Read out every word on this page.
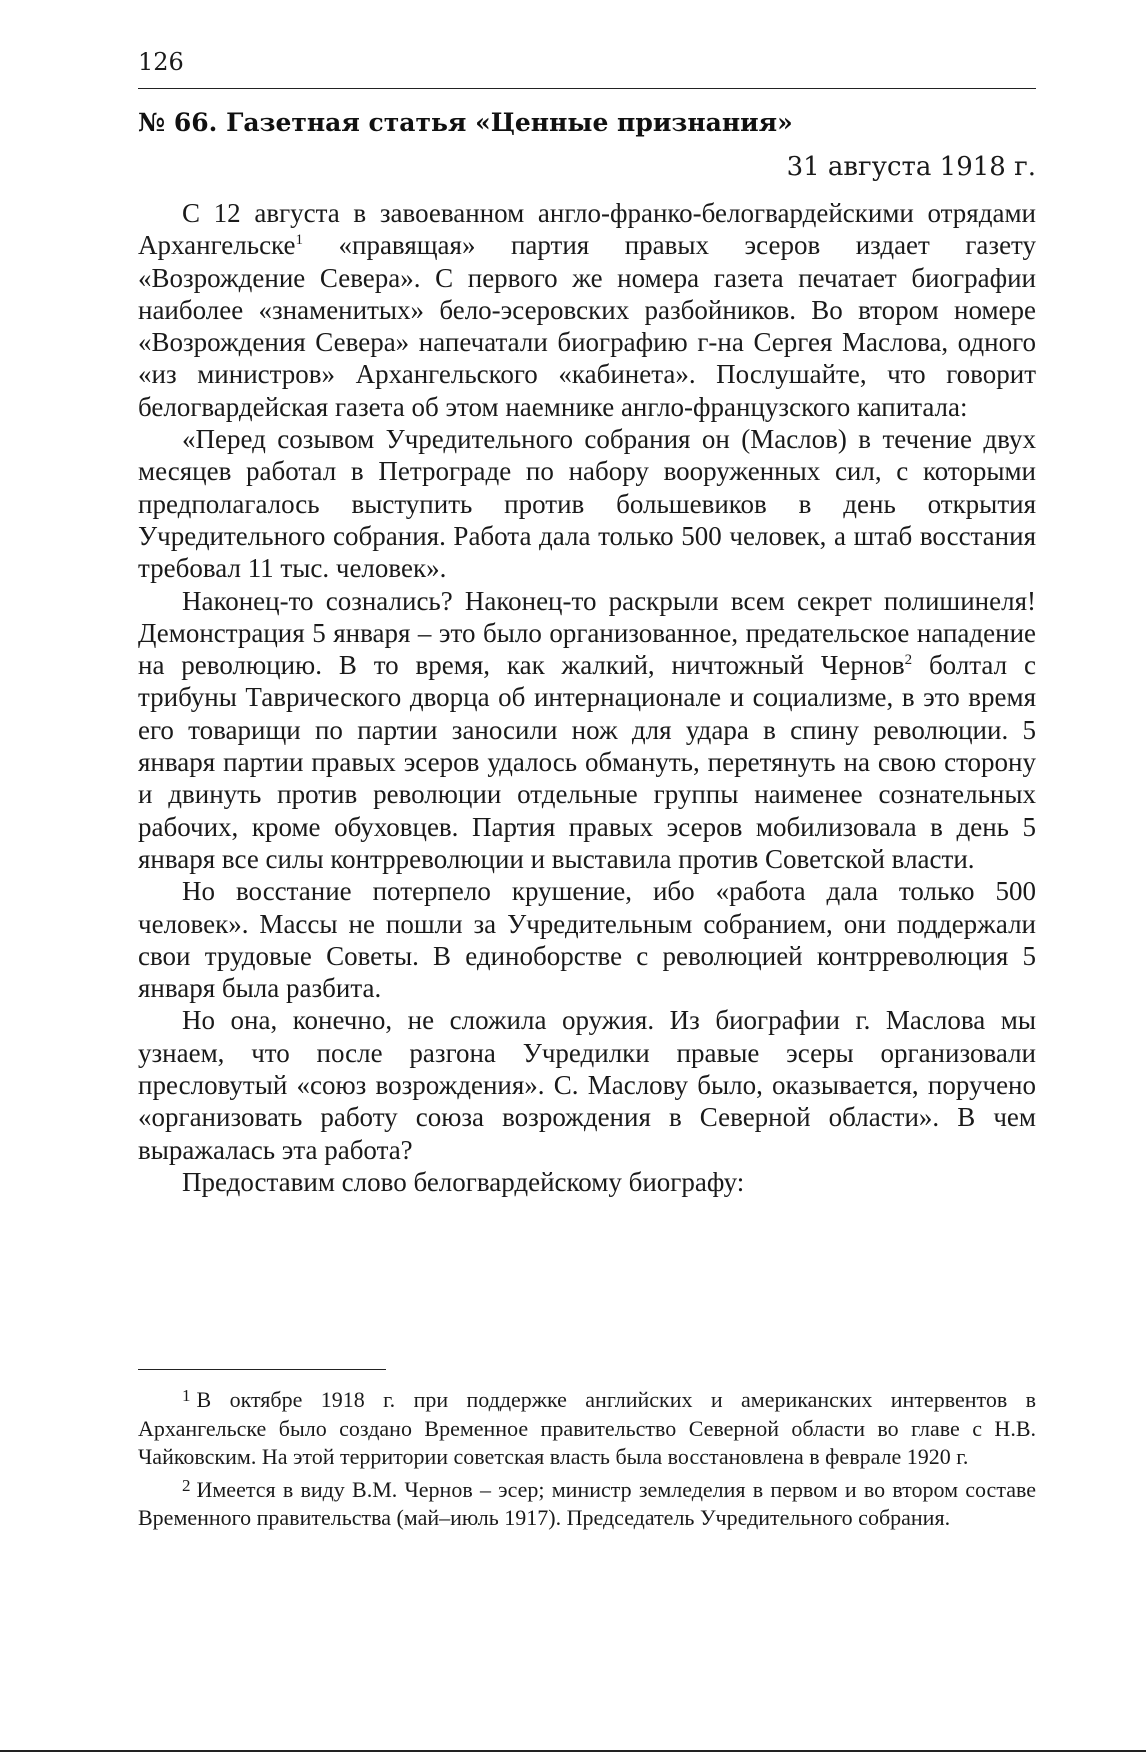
126
№ 66. Газетная статья «Ценные признания»
31 августа 1918 г.

С 12 августа в завоеванном англо-франко-белогвардейскими отрядами Архангельске$^1$ «правящая» партия правых эсеров издает газету «Возрождение Севера». С первого же номера газета печатает биографии наиболее «знаменитых» бело-эсеровских разбойников. Во втором номере «Возрождения Севера» напечатали биографию г-на Сергея Маслова, одного «из министров» Архангельского «кабинета». Послушайте, что говорит белогвардейская газета об этом наемнике англо-французского капитала:

«Перед созывом Учредительного собрания он (Маслов) в течение двух месяцев работал в Петрограде по набору вооруженных сил, с которыми предполагалось выступить против большевиков в день открытия Учредительного собрания. Работа дала только 500 человек, а штаб восстания требовал 11 тыс. человек».

Наконец-то сознались? Наконец-то раскрыли всем секрет полишинеля! Демонстрация 5 января – это было организованное, предательское нападение на революцию. В то время, как жалкий, ничтожный Чернов$^2$ болтал с трибуны Таврического дворца об интернационале и социализме, в это время его товарищи по партии заносили нож для удара в спину революции. 5 января партии правых эсеров удалось обмануть, перетянуть на свою сторону и двинуть против революции отдельные группы наименее сознательных рабочих, кроме обуховцев. Партия правых эсеров мобилизовала в день 5 января все силы контрреволюции и выставила против Советской власти.

Но восстание потерпело крушение, ибо «работа дала только 500 человек». Массы не пошли за Учредительным собранием, они поддержали свои трудовые Советы. В единоборстве с революцией контрреволюция 5 января была разбита.

Но она, конечно, не сложила оружия. Из биографии г. Маслова мы узнаем, что после разгона Учредилки правые эсеры организовали пресловутый «союз возрождения». С. Маслову было, оказывается, поручено «организовать работу союза возрождения в Северной области». В чем выражалась эта работа?

Предоставим слово белогвардейскому биографу:

$^1$ В октябре 1918 г. при поддержке английских и американских интервентов в Архангельске было создано Временное правительство Северной области во главе с Н.В. Чайковским. На этой территории советская власть была восстановлена в феврале 1920 г.

$^2$ Имеется в виду В.М. Чернов – эсер; министр земледелия в первом и во втором составе Временного правительства (май–июль 1917). Председатель Учредительного собрания.
